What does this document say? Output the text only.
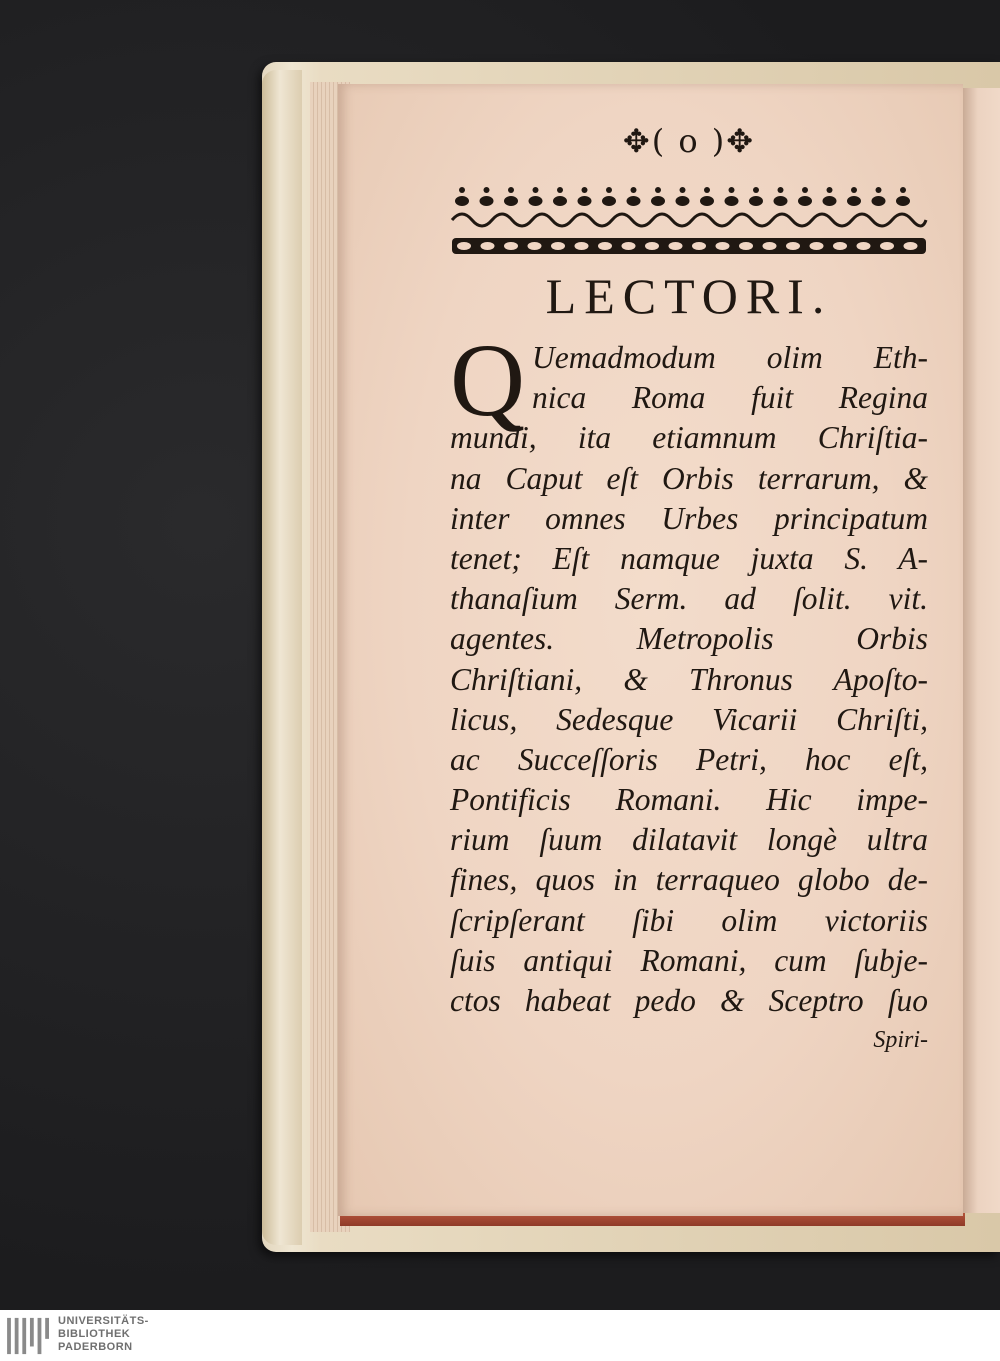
✥( o )✥
LECTORI.
Q Uemadmodum olim Eth-
nica Roma fuit Regina
mundi, ita etiamnum Chriſtia-
na Caput eſt Orbis terrarum, &
inter omnes Urbes principatum
tenet; Eſt namque juxta S. A-
thanaſium Serm. ad ſolit. vit.
agentes. Metropolis Orbis
Chriſtiani, & Thronus Apoſto-
licus, Sedesque Vicarii Chriſti,
ac Succeſſoris Petri, hoc eſt,
Pontificis Romani. Hic impe-
rium ſuum dilatavit longè ultra
fines, quos in terraqueo globo de-
ſcripſerant ſibi olim victoriis
ſuis antiqui Romani, cum ſubje-
ctos habeat pedo & Sceptro ſuo
Spiri-
UNIVERSITÄTS-
BIBLIOTHEK
PADERBORN
